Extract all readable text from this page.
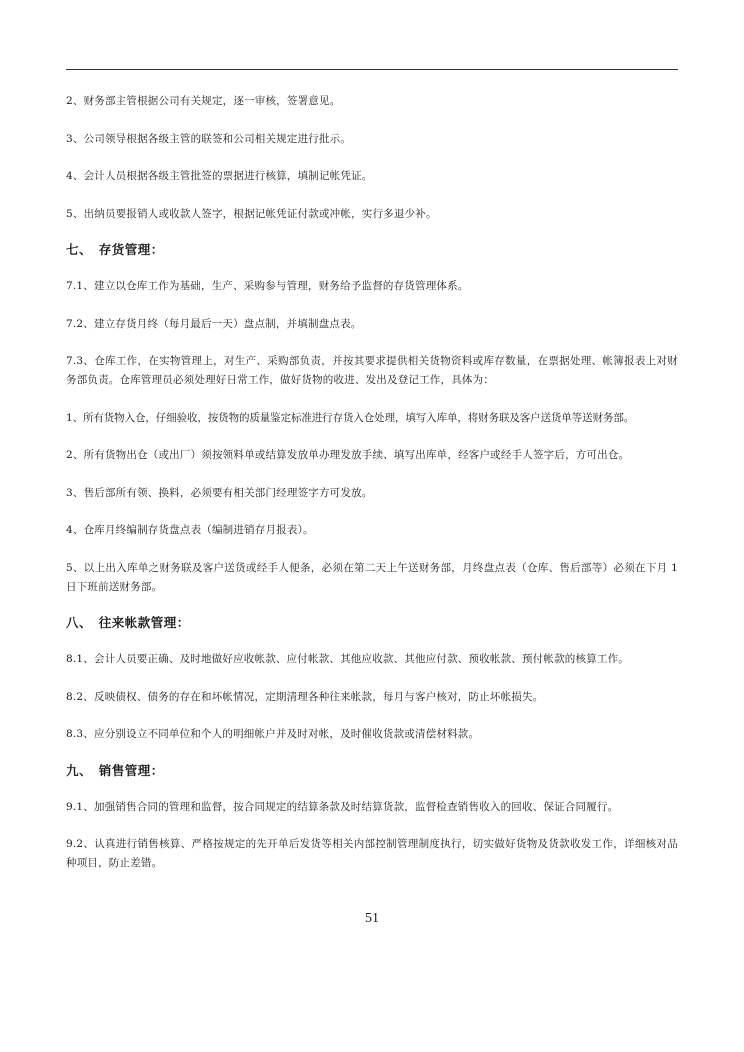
2、财务部主管根据公司有关规定，逐一审核，签署意见。

3、公司领导根据各级主管的联签和公司相关规定进行批示。

4、会计人员根据各级主管批签的票据进行核算，填制记帐凭证。

5、出纳员要报销人或收款人签字，根据记帐凭证付款或冲帐，实行多退少补。

七、　存货管理：

7.1、建立以仓库工作为基础，生产、采购参与管理，财务给予监督的存货管理体系。

7.2、建立存货月终（每月最后一天）盘点制，并填制盘点表。

7.3、仓库工作，在实物管理上，对生产、采购部负责，并按其要求提供相关货物资料或库存数量，在票据处理、帐簿报表上对财务部负责。仓库管理员必须处理好日常工作，做好货物的收进、发出及登记工作，具体为：

1、所有货物入仓，仔细验收，按货物的质量鉴定标准进行存货入仓处理，填写入库单，将财务联及客户送货单等送财务部。

2、所有货物出仓（或出厂）须按领料单或结算发放单办理发放手续、填写出库单，经客户或经手人签字后，方可出仓。

3、售后部所有领、换料，必须要有相关部门经理签字方可发放。

4、仓库月终编制存货盘点表（编制进销存月报表）。

5、以上出入库单之财务联及客户送货或经手人便条，必须在第二天上午送财务部，月终盘点表（仓库、售后部等）必须在下月 1 日下班前送财务部。

八、　往来帐款管理：

8.1、会计人员要正确、及时地做好应收帐款、应付帐款、其他应收款、其他应付款、预收帐款、预付帐款的核算工作。

8.2、反映债权、债务的存在和坏帐情况，定期清理各种往来帐款，每月与客户核对，防止坏帐损失。

8.3、应分别设立不同单位和个人的明细帐户并及时对帐，及时催收货款或清偿材料款。

九、　销售管理：

9.1、加强销售合同的管理和监督，按合同规定的结算条款及时结算货款，监督检查销售收入的回收、保证合同履行。

9.2、认真进行销售核算、严格按规定的先开单后发货等相关内部控制管理制度执行，切实做好货物及货款收发工作，详细核对品种项目，防止差错。

51
